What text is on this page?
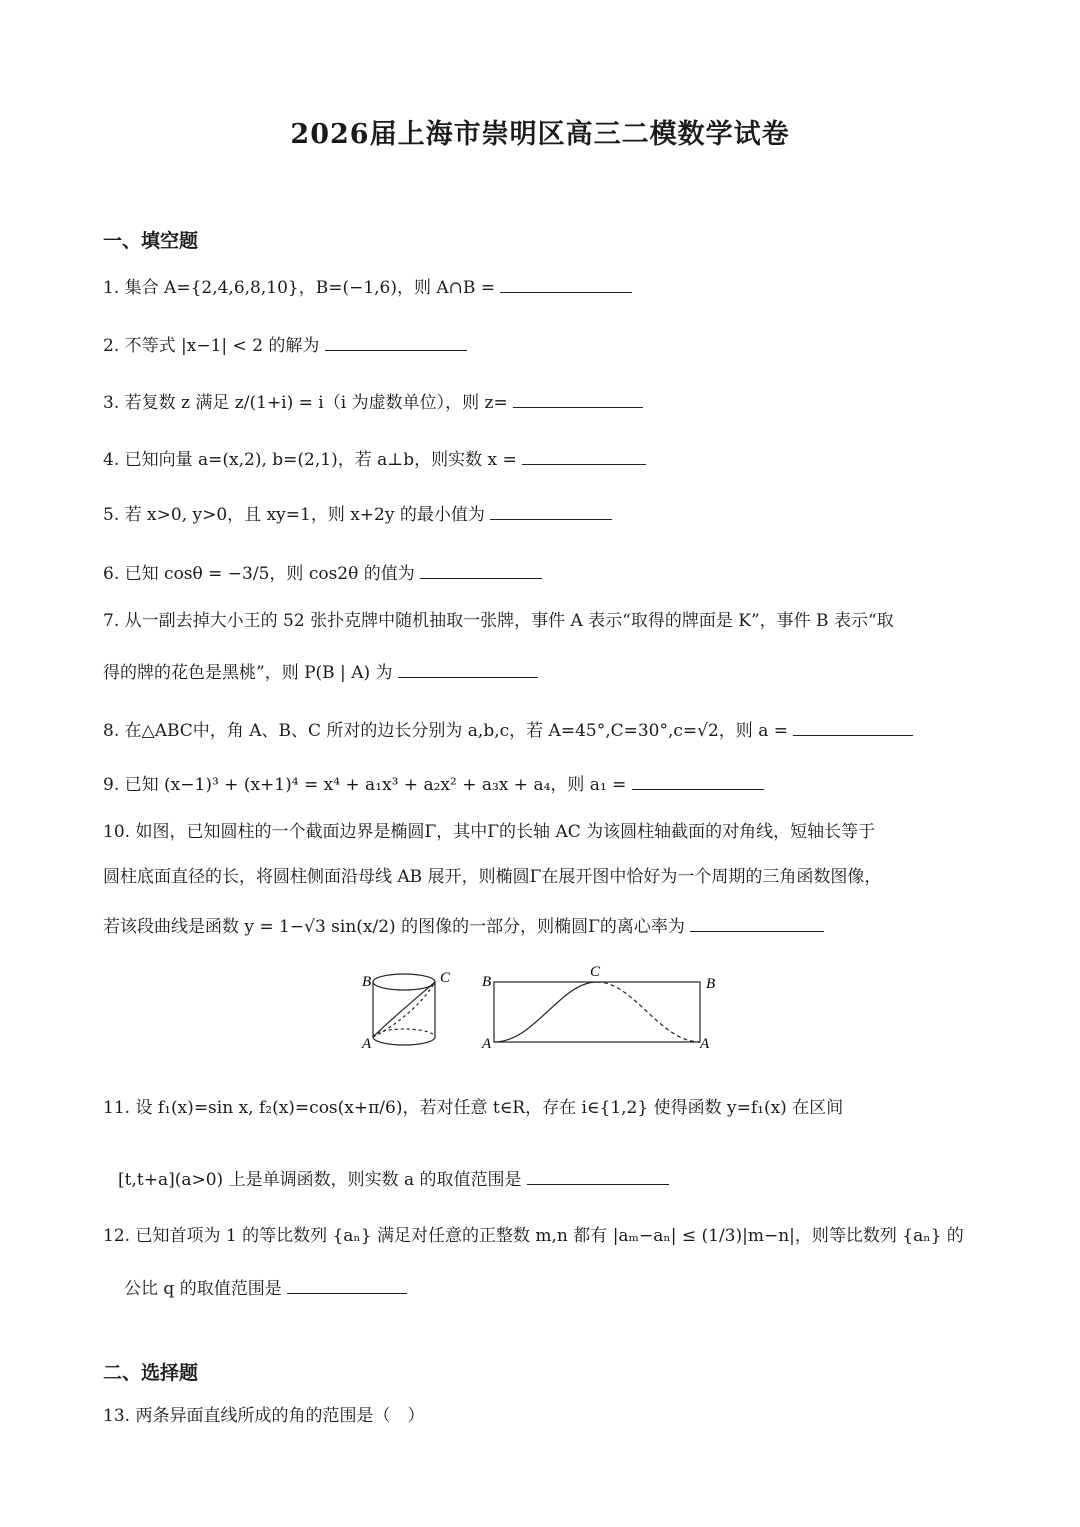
2026届上海市崇明区高三二模数学试卷
一、填空题
1. 集合 A={2,4,6,8,10}，B=(−1,6)，则 A∩B =
2. 不等式 |x−1| < 2 的解为
3. 若复数 z 满足 z/(1+i) = i（i 为虚数单位），则 z=
4. 已知向量 a=(x,2), b=(2,1)，若 a⊥b，则实数 x =
5. 若 x>0, y>0，且 xy=1，则 x+2y 的最小值为
6. 已知 cosθ = −3/5，则 cos2θ 的值为
7. 从一副去掉大小王的 52 张扑克牌中随机抽取一张牌，事件 A 表示“取得的牌面是 K”，事件 B 表示“取
得的牌的花色是黑桃”，则 P(B | A) 为
8. 在△ABC中，角 A、B、C 所对的边长分别为 a,b,c，若 A=45°,C=30°,c=√2，则 a =
9. 已知 (x−1)³ + (x+1)⁴ = x⁴ + a₁x³ + a₂x² + a₃x + a₄，则 a₁ =
10. 如图，已知圆柱的一个截面边界是椭圆Γ，其中Γ的长轴 AC 为该圆柱轴截面的对角线，短轴长等于
圆柱底面直径的长，将圆柱侧面沿母线 AB 展开，则椭圆Γ在展开图中恰好为一个周期的三角函数图像，
若该段曲线是函数 y = 1−√3 sin(x/2) 的图像的一部分，则椭圆Γ的离心率为
B	C
A
B
C
B
A	A
11. 设 f₁(x)=sin x, f₂(x)=cos(x+π/6)，若对任意 t∈R，存在 i∈{1,2} 使得函数 y=f₁(x) 在区间
[t,t+a](a>0) 上是单调函数，则实数 a 的取值范围是
12. 已知首项为 1 的等比数列 {aₙ} 满足对任意的正整数 m,n 都有 |aₘ−aₙ| ≤ (1/3)|m−n|，则等比数列 {aₙ} 的
公比 q 的取值范围是
二、选择题
13. 两条异面直线所成的角的范围是（　）
